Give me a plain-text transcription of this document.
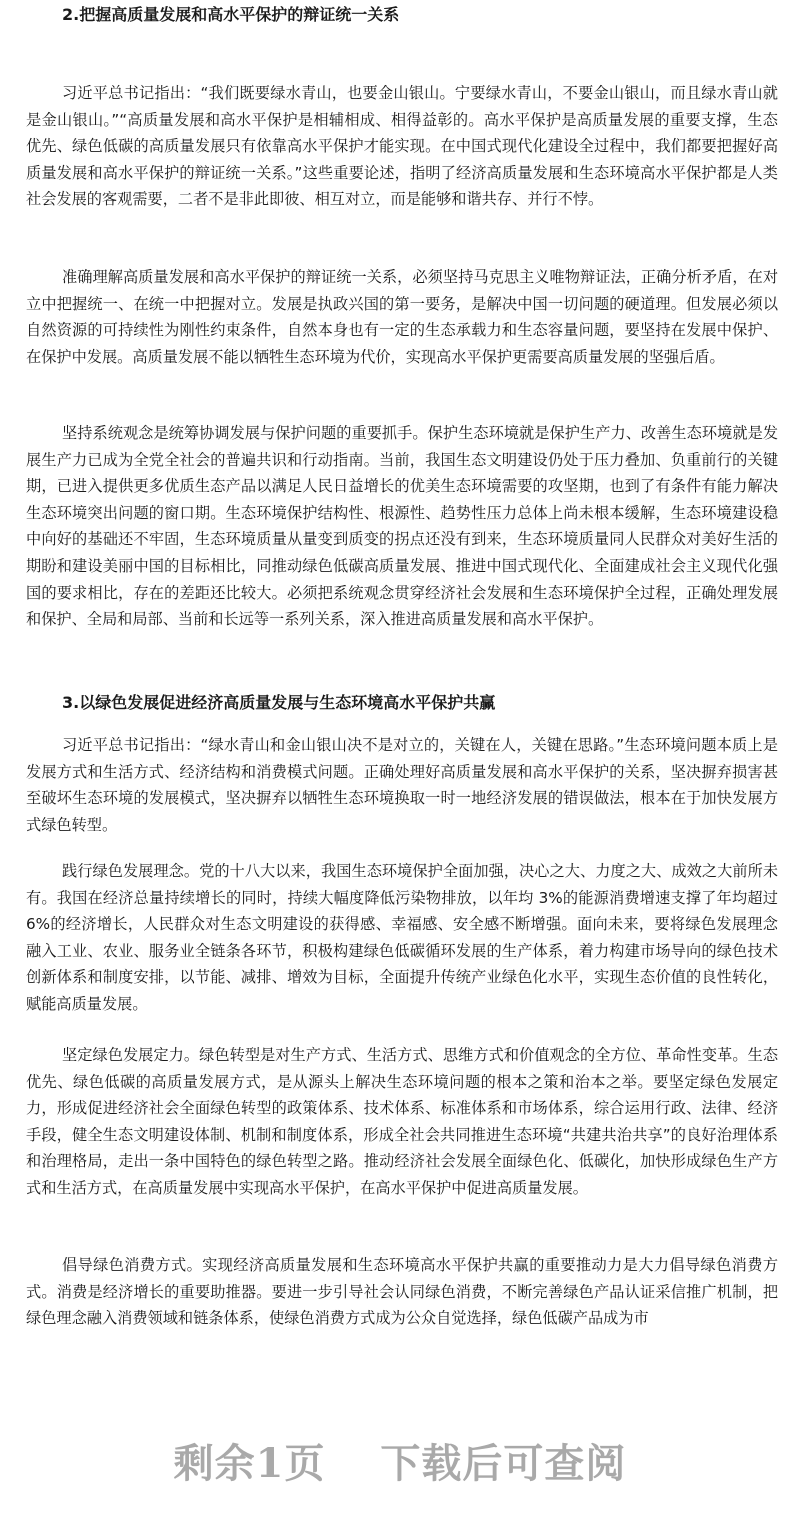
2.把握高质量发展和高水平保护的辩证统一关系

习近平总书记指出：“我们既要绿水青山，也要金山银山。宁要绿水青山，不要金山银山，而且绿水青山就是金山银山。”“高质量发展和高水平保护是相辅相成、相得益彰的。高水平保护是高质量发展的重要支撑，生态优先、绿色低碳的高质量发展只有依靠高水平保护才能实现。在中国式现代化建设全过程中，我们都要把握好高质量发展和高水平保护的辩证统一关系。”这些重要论述，指明了经济高质量发展和生态环境高水平保护都是人类社会发展的客观需要，二者不是非此即彼、相互对立，而是能够和谐共存、并行不悖。

准确理解高质量发展和高水平保护的辩证统一关系，必须坚持马克思主义唯物辩证法，正确分析矛盾，在对立中把握统一、在统一中把握对立。发展是执政兴国的第一要务，是解决中国一切问题的硬道理。但发展必须以自然资源的可持续性为刚性约束条件，自然本身也有一定的生态承载力和生态容量问题，要坚持在发展中保护、在保护中发展。高质量发展不能以牺牲生态环境为代价，实现高水平保护更需要高质量发展的坚强后盾。

坚持系统观念是统筹协调发展与保护问题的重要抓手。保护生态环境就是保护生产力、改善生态环境就是发展生产力已成为全党全社会的普遍共识和行动指南。当前，我国生态文明建设仍处于压力叠加、负重前行的关键期，已进入提供更多优质生态产品以满足人民日益增长的优美生态环境需要的攻坚期，也到了有条件有能力解决生态环境突出问题的窗口期。生态环境保护结构性、根源性、趋势性压力总体上尚未根本缓解，生态环境建设稳中向好的基础还不牢固，生态环境质量从量变到质变的拐点还没有到来，生态环境质量同人民群众对美好生活的期盼和建设美丽中国的目标相比，同推动绿色低碳高质量发展、推进中国式现代化、全面建成社会主义现代化强国的要求相比，存在的差距还比较大。必须把系统观念贯穿经济社会发展和生态环境保护全过程，正确处理发展和保护、全局和局部、当前和长远等一系列关系，深入推进高质量发展和高水平保护。

3.以绿色发展促进经济高质量发展与生态环境高水平保护共赢

习近平总书记指出：“绿水青山和金山银山决不是对立的，关键在人，关键在思路。”生态环境问题本质上是发展方式和生活方式、经济结构和消费模式问题。正确处理好高质量发展和高水平保护的关系，坚决摒弃损害甚至破坏生态环境的发展模式，坚决摒弃以牺牲生态环境换取一时一地经济发展的错误做法，根本在于加快发展方式绿色转型。

践行绿色发展理念。党的十八大以来，我国生态环境保护全面加强，决心之大、力度之大、成效之大前所未有。我国在经济总量持续增长的同时，持续大幅度降低污染物排放，以年均 3%的能源消费增速支撑了年均超过 6%的经济增长，人民群众对生态文明建设的获得感、幸福感、安全感不断增强。面向未来，要将绿色发展理念融入工业、农业、服务业全链条各环节，积极构建绿色低碳循环发展的生产体系，着力构建市场导向的绿色技术创新体系和制度安排，以节能、减排、增效为目标，全面提升传统产业绿色化水平，实现生态价值的良性转化，赋能高质量发展。

坚定绿色发展定力。绿色转型是对生产方式、生活方式、思维方式和价值观念的全方位、革命性变革。生态优先、绿色低碳的高质量发展方式，是从源头上解决生态环境问题的根本之策和治本之举。要坚定绿色发展定力，形成促进经济社会全面绿色转型的政策体系、技术体系、标准体系和市场体系，综合运用行政、法律、经济手段，健全生态文明建设体制、机制和制度体系，形成全社会共同推进生态环境“共建共治共享”的良好治理体系和治理格局，走出一条中国特色的绿色转型之路。推动经济社会发展全面绿色化、低碳化，加快形成绿色生产方式和生活方式，在高质量发展中实现高水平保护，在高水平保护中促进高质量发展。

倡导绿色消费方式。实现经济高质量发展和生态环境高水平保护共赢的重要推动力是大力倡导绿色消费方式。消费是经济增长的重要助推器。要进一步引导社会认同绿色消费，不断完善绿色产品认证采信推广机制，把绿色理念融入消费领域和链条体系，使绿色消费方式成为公众自觉选择，绿色低碳产品成为市

剩余1页 下载后可查阅
